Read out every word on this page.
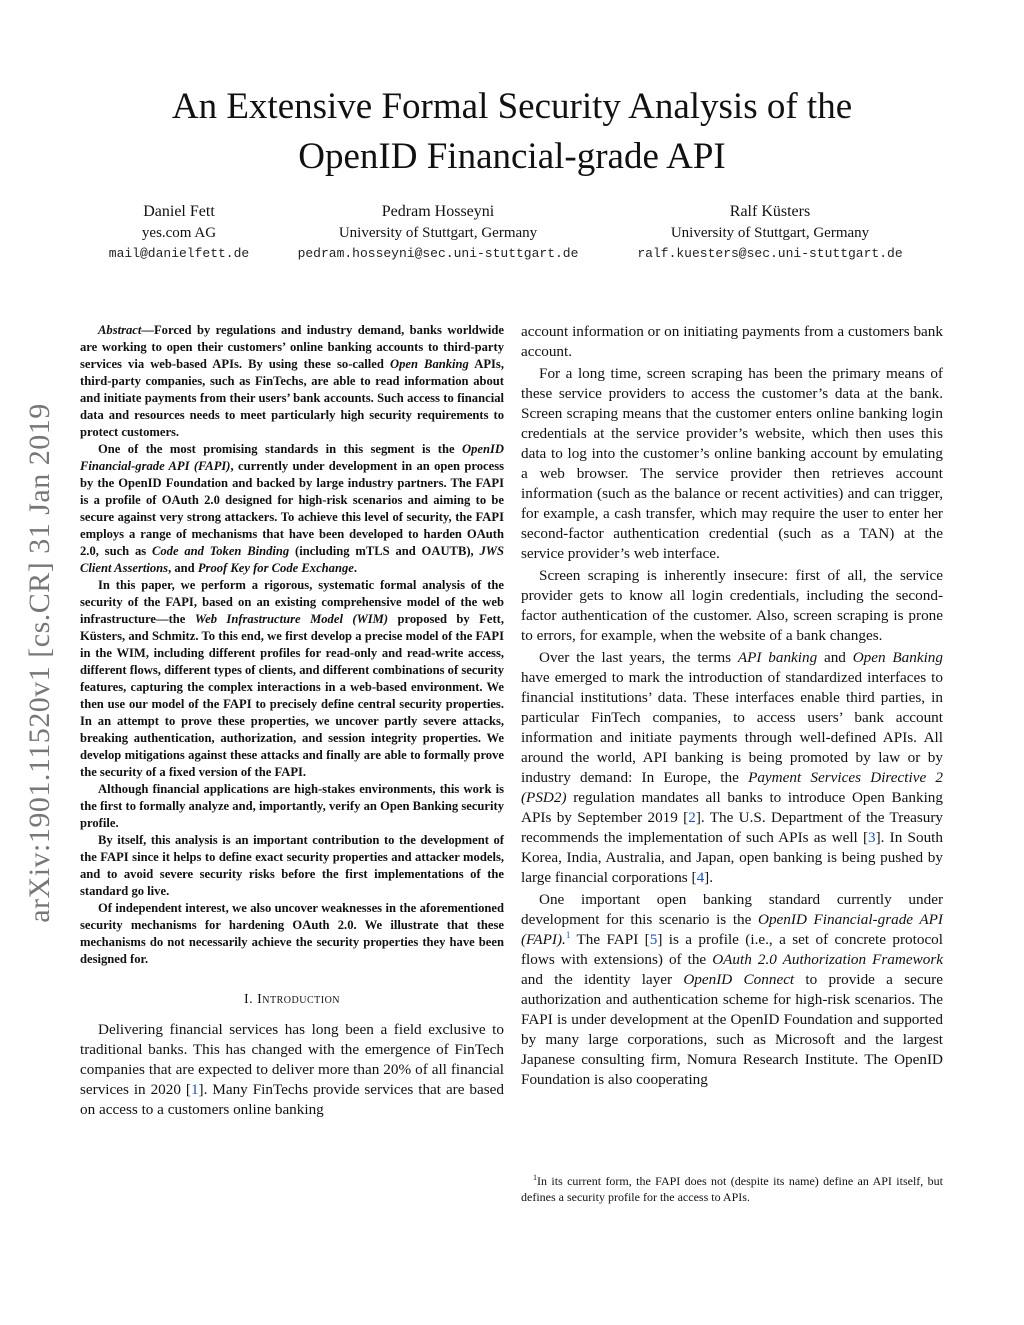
arXiv:1901.11520v1 [cs.CR] 31 Jan 2019
An Extensive Formal Security Analysis of the
OpenID Financial-grade API
Daniel Fett
yes.com AG
mail@danielfett.de
Pedram Hosseyni
University of Stuttgart, Germany
pedram.hosseyni@sec.uni-stuttgart.de
Ralf Küsters
University of Stuttgart, Germany
ralf.kuesters@sec.uni-stuttgart.de

Abstract—Forced by regulations and industry demand, banks worldwide are working to open their customers’ online banking accounts to third-party services via web-based APIs. By using these so-called Open Banking APIs, third-party companies, such as FinTechs, are able to read information about and initiate payments from their users’ bank accounts. Such access to financial data and resources needs to meet particularly high security requirements to protect customers.

One of the most promising standards in this segment is the OpenID Financial-grade API (FAPI), currently under development in an open process by the OpenID Foundation and backed by large industry partners. The FAPI is a profile of OAuth 2.0 designed for high-risk scenarios and aiming to be secure against very strong attackers. To achieve this level of security, the FAPI employs a range of mechanisms that have been developed to harden OAuth 2.0, such as Code and Token Binding (including mTLS and OAUTB), JWS Client Assertions, and Proof Key for Code Exchange.

In this paper, we perform a rigorous, systematic formal analysis of the security of the FAPI, based on an existing comprehensive model of the web infrastructure—the Web Infrastructure Model (WIM) proposed by Fett, Küsters, and Schmitz. To this end, we first develop a precise model of the FAPI in the WIM, including different profiles for read-only and read-write access, different flows, different types of clients, and different combinations of security features, capturing the complex interactions in a web-based environment. We then use our model of the FAPI to precisely define central security properties. In an attempt to prove these properties, we uncover partly severe attacks, breaking authentication, authorization, and session integrity properties. We develop mitigations against these attacks and finally are able to formally prove the security of a fixed version of the FAPI.

Although financial applications are high-stakes environments, this work is the first to formally analyze and, importantly, verify an Open Banking security profile.

By itself, this analysis is an important contribution to the development of the FAPI since it helps to define exact security properties and attacker models, and to avoid severe security risks before the first implementations of the standard go live.

Of independent interest, we also uncover weaknesses in the aforementioned security mechanisms for hardening OAuth 2.0. We illustrate that these mechanisms do not necessarily achieve the security properties they have been designed for.

I. Introduction

Delivering financial services has long been a field exclusive to traditional banks. This has changed with the emergence of FinTech companies that are expected to deliver more than 20% of all financial services in 2020 [1]. Many FinTechs provide services that are based on access to a customers online banking

account information or on initiating payments from a customers bank account.

For a long time, screen scraping has been the primary means of these service providers to access the customer’s data at the bank. Screen scraping means that the customer enters online banking login credentials at the service provider’s website, which then uses this data to log into the customer’s online banking account by emulating a web browser. The service provider then retrieves account information (such as the balance or recent activities) and can trigger, for example, a cash transfer, which may require the user to enter her second-factor authentication credential (such as a TAN) at the service provider’s web interface.

Screen scraping is inherently insecure: first of all, the service provider gets to know all login credentials, including the second-factor authentication of the customer. Also, screen scraping is prone to errors, for example, when the website of a bank changes.

Over the last years, the terms API banking and Open Banking have emerged to mark the introduction of standardized interfaces to financial institutions’ data. These interfaces enable third parties, in particular FinTech companies, to access users’ bank account information and initiate payments through well-defined APIs. All around the world, API banking is being promoted by law or by industry demand: In Europe, the Payment Services Directive 2 (PSD2) regulation mandates all banks to introduce Open Banking APIs by September 2019 [2]. The U.S. Department of the Treasury recommends the implementation of such APIs as well [3]. In South Korea, India, Australia, and Japan, open banking is being pushed by large financial corporations [4].

One important open banking standard currently under development for this scenario is the OpenID Financial-grade API (FAPI).$^1$ The FAPI [5] is a profile (i.e., a set of concrete protocol flows with extensions) of the OAuth 2.0 Authorization Framework and the identity layer OpenID Connect to provide a secure authorization and authentication scheme for high-risk scenarios. The FAPI is under development at the OpenID Foundation and supported by many large corporations, such as Microsoft and the largest Japanese consulting firm, Nomura Research Institute. The OpenID Foundation is also cooperating

$^1$In its current form, the FAPI does not (despite its name) define an API itself, but defines a security profile for the access to APIs.
